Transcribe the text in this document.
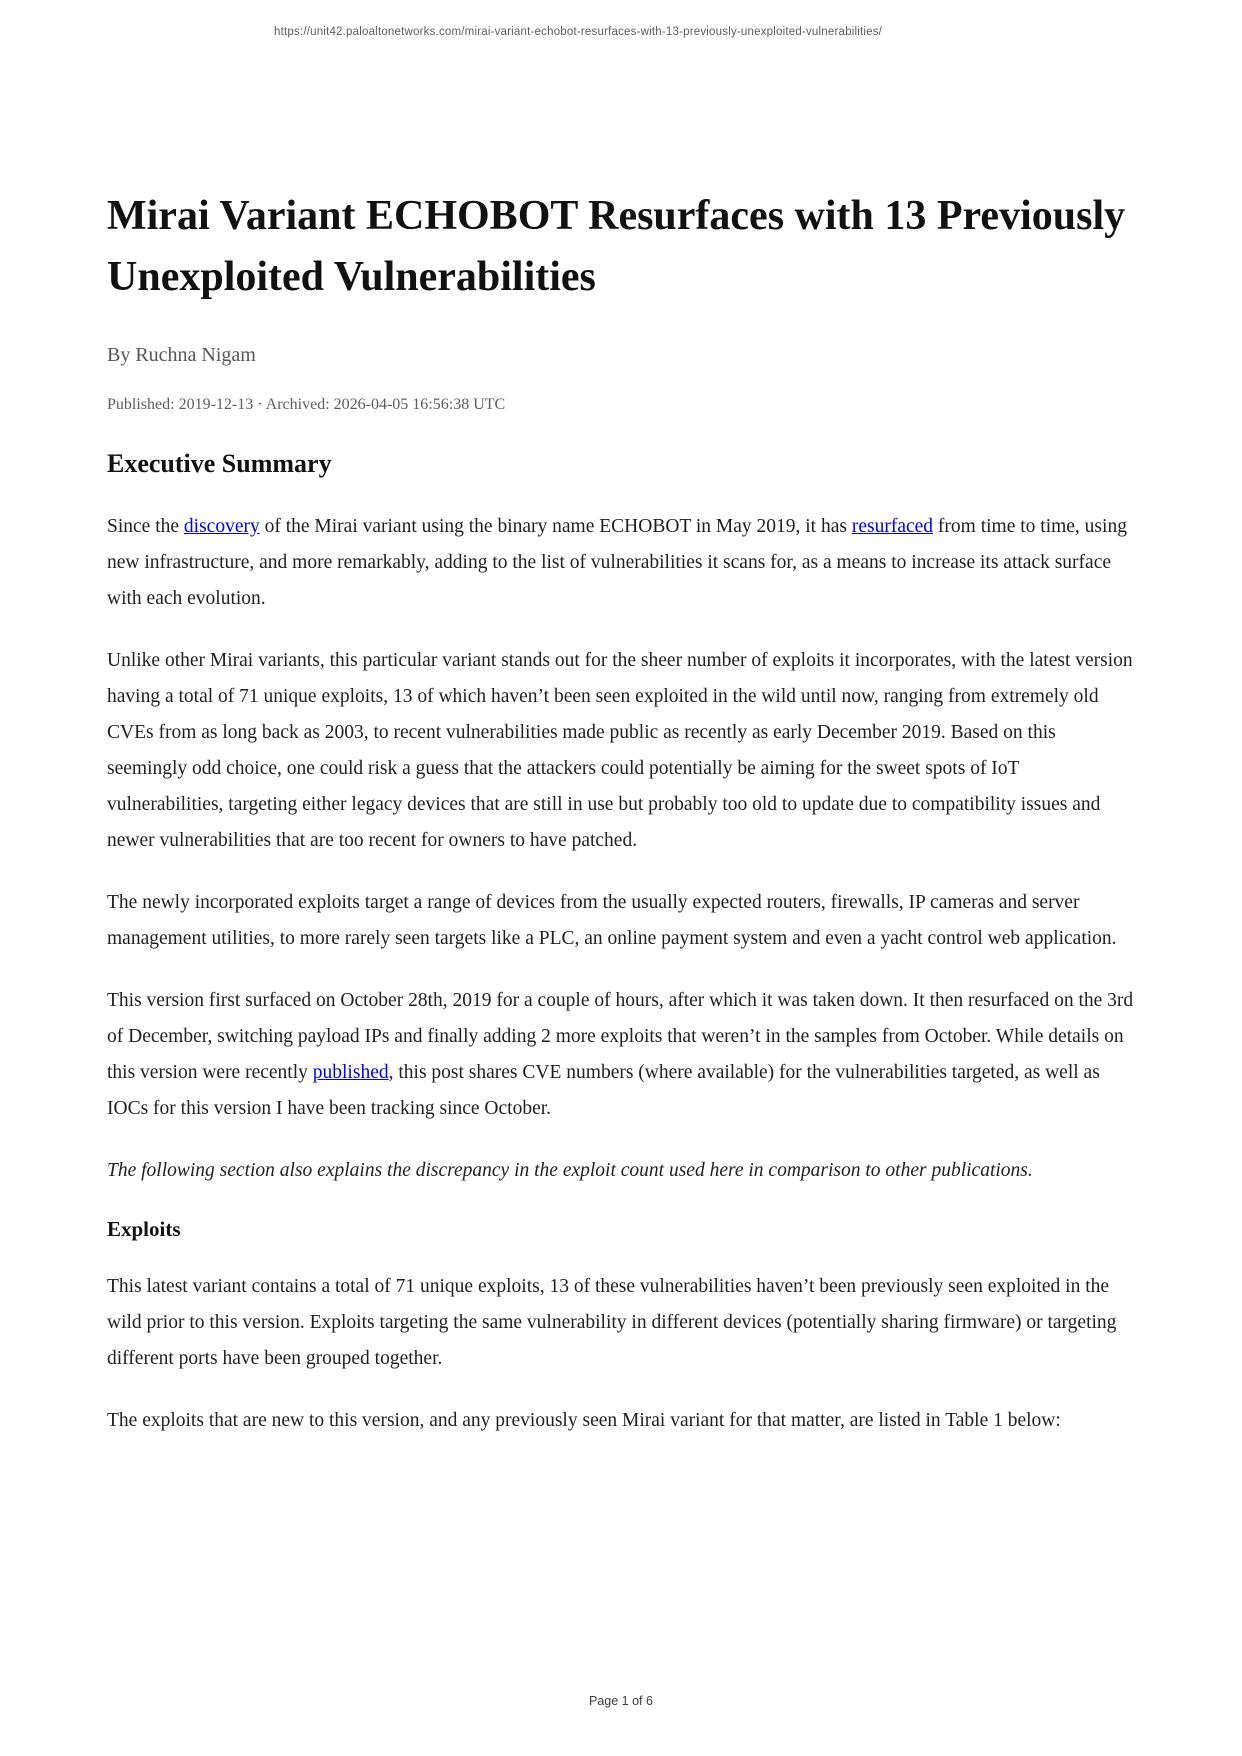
https://unit42.paloaltonetworks.com/mirai-variant-echobot-resurfaces-with-13-previously-unexploited-vulnerabilities/
Mirai Variant ECHOBOT Resurfaces with 13 Previously Unexploited Vulnerabilities

By Ruchna Nigam

Published: 2019-12-13 · Archived: 2026-04-05 16:56:38 UTC

Executive Summary

Since the discovery of the Mirai variant using the binary name ECHOBOT in May 2019, it has resurfaced from time to time, using new infrastructure, and more remarkably, adding to the list of vulnerabilities it scans for, as a means to increase its attack surface with each evolution.

Unlike other Mirai variants, this particular variant stands out for the sheer number of exploits it incorporates, with the latest version having a total of 71 unique exploits, 13 of which haven’t been seen exploited in the wild until now, ranging from extremely old CVEs from as long back as 2003, to recent vulnerabilities made public as recently as early December 2019. Based on this seemingly odd choice, one could risk a guess that the attackers could potentially be aiming for the sweet spots of IoT vulnerabilities, targeting either legacy devices that are still in use but probably too old to update due to compatibility issues and newer vulnerabilities that are too recent for owners to have patched.

The newly incorporated exploits target a range of devices from the usually expected routers, firewalls, IP cameras and server management utilities, to more rarely seen targets like a PLC, an online payment system and even a yacht control web application.

This version first surfaced on October 28th, 2019 for a couple of hours, after which it was taken down. It then resurfaced on the 3rd of December, switching payload IPs and finally adding 2 more exploits that weren’t in the samples from October. While details on this version were recently published, this post shares CVE numbers (where available) for the vulnerabilities targeted, as well as IOCs for this version I have been tracking since October.

The following section also explains the discrepancy in the exploit count used here in comparison to other publications.

Exploits

This latest variant contains a total of 71 unique exploits, 13 of these vulnerabilities haven’t been previously seen exploited in the wild prior to this version. Exploits targeting the same vulnerability in different devices (potentially sharing firmware) or targeting different ports have been grouped together.

The exploits that are new to this version, and any previously seen Mirai variant for that matter, are listed in Table 1 below:

Page 1 of 6
